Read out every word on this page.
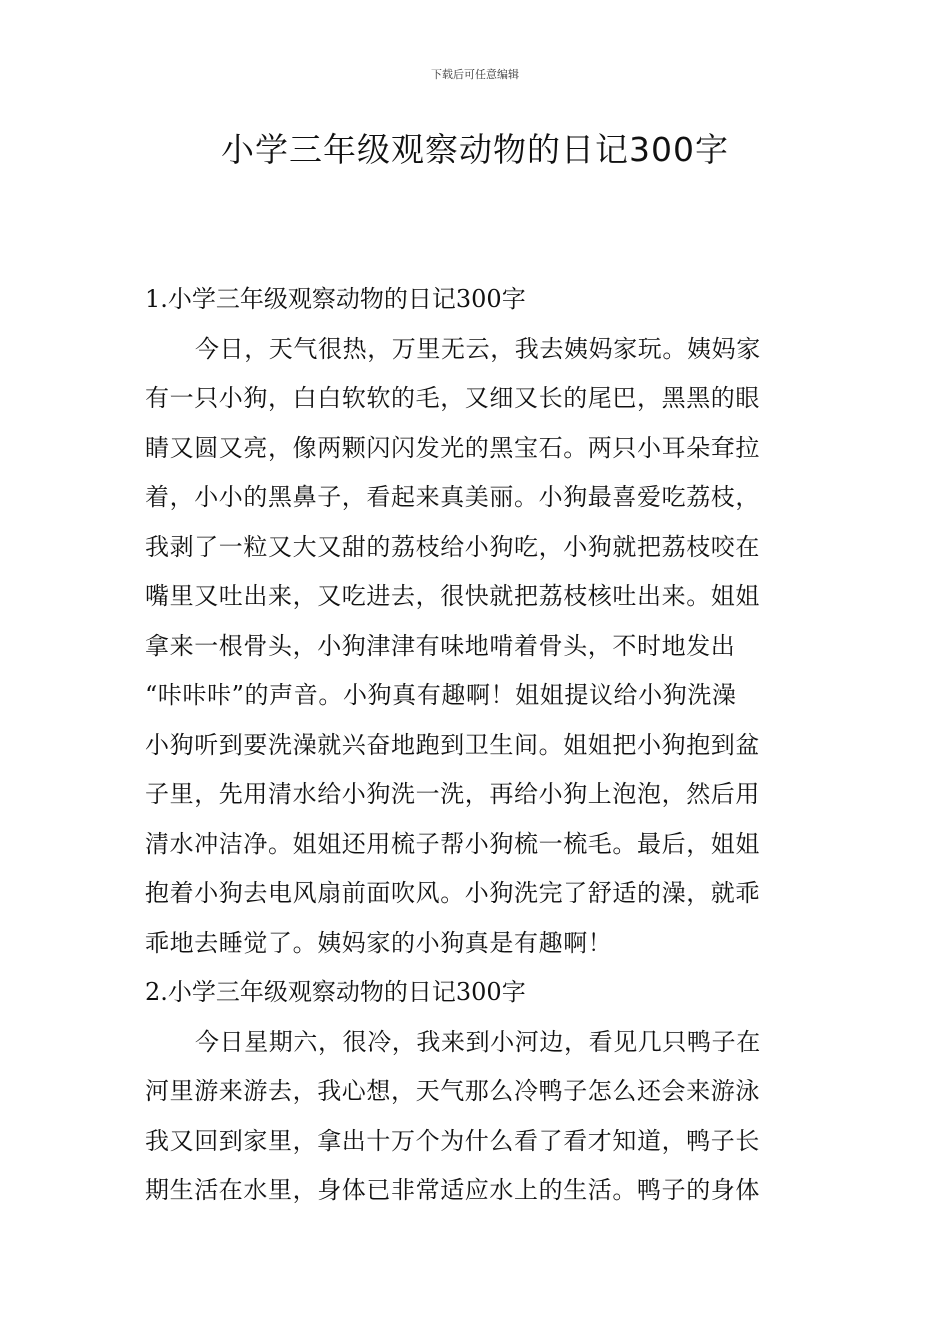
下载后可任意编辑
小学三年级观察动物的日记300字
1.小学三年级观察动物的日记300字
今日，天气很热，万里无云，我去姨妈家玩。姨妈家
有一只小狗，白白软软的毛，又细又长的尾巴，黑黑的眼
睛又圆又亮，像两颗闪闪发光的黑宝石。两只小耳朵耷拉
着，小小的黑鼻子，看起来真美丽。小狗最喜爱吃荔枝，
我剥了一粒又大又甜的荔枝给小狗吃，小狗就把荔枝咬在
嘴里又吐出来，又吃进去，很快就把荔枝核吐出来。姐姐
拿来一根骨头，小狗津津有味地啃着骨头，不时地发出
“咔咔咔”的声音。小狗真有趣啊！姐姐提议给小狗洗澡
小狗听到要洗澡就兴奋地跑到卫生间。姐姐把小狗抱到盆
子里，先用清水给小狗洗一洗，再给小狗上泡泡，然后用
清水冲洁净。姐姐还用梳子帮小狗梳一梳毛。最后，姐姐
抱着小狗去电风扇前面吹风。小狗洗完了舒适的澡，就乖
乖地去睡觉了。姨妈家的小狗真是有趣啊！
2.小学三年级观察动物的日记300字
今日星期六，很冷，我来到小河边，看见几只鸭子在
河里游来游去，我心想，天气那么冷鸭子怎么还会来游泳
我又回到家里，拿出十万个为什么看了看才知道，鸭子长
期生活在水里，身体已非常适应水上的生活。鸭子的身体
